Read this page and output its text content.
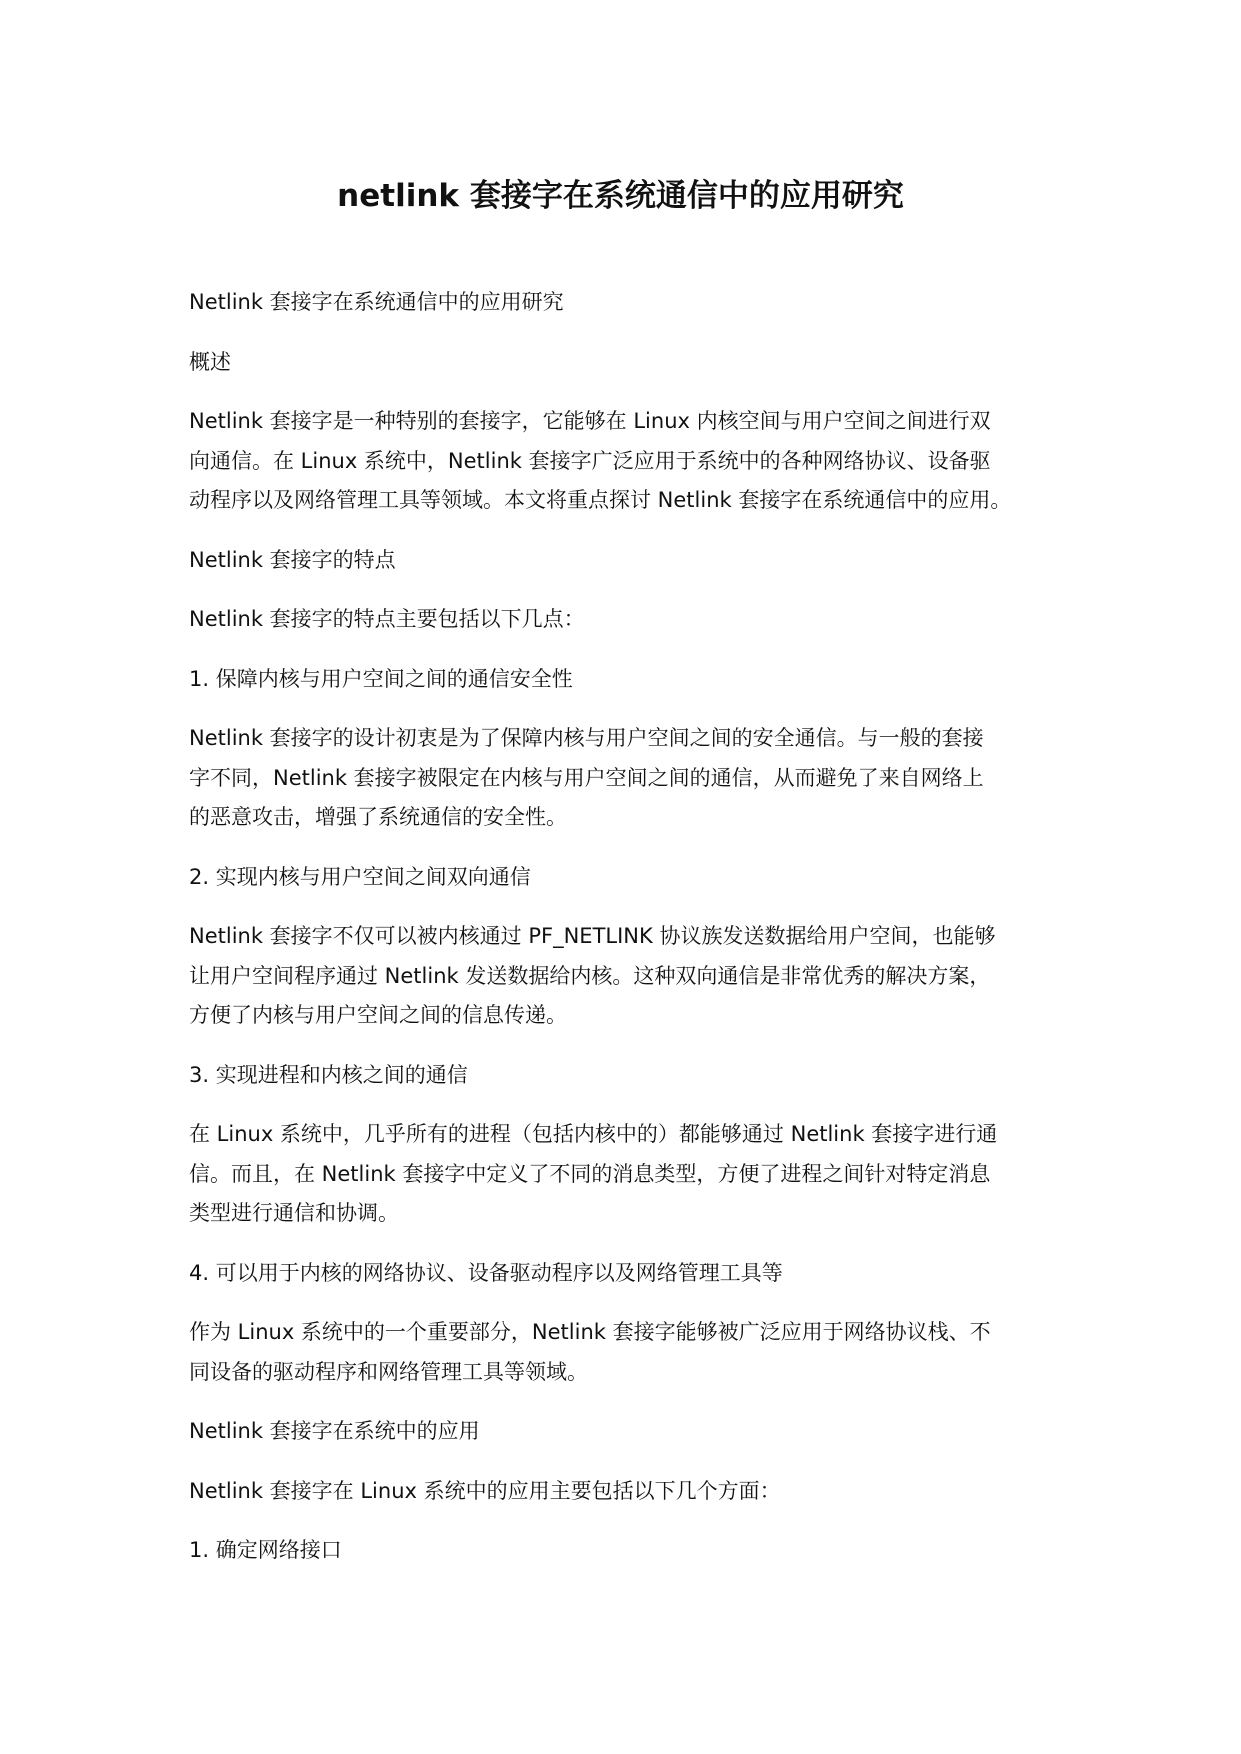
netlink 套接字在系统通信中的应用研究

Netlink 套接字在系统通信中的应用研究

概述

Netlink 套接字是一种特别的套接字，它能够在 Linux 内核空间与用户空间之间进行双
向通信。在 Linux 系统中，Netlink 套接字广泛应用于系统中的各种网络协议、设备驱
动程序以及网络管理工具等领域。本文将重点探讨 Netlink 套接字在系统通信中的应用。

Netlink 套接字的特点

Netlink 套接字的特点主要包括以下几点：

1. 保障内核与用户空间之间的通信安全性

Netlink 套接字的设计初衷是为了保障内核与用户空间之间的安全通信。与一般的套接
字不同，Netlink 套接字被限定在内核与用户空间之间的通信，从而避免了来自网络上
的恶意攻击，增强了系统通信的安全性。

2. 实现内核与用户空间之间双向通信

Netlink 套接字不仅可以被内核通过 PF_NETLINK 协议族发送数据给用户空间，也能够
让用户空间程序通过 Netlink 发送数据给内核。这种双向通信是非常优秀的解决方案，
方便了内核与用户空间之间的信息传递。

3. 实现进程和内核之间的通信

在 Linux 系统中，几乎所有的进程（包括内核中的）都能够通过 Netlink 套接字进行通
信。而且，在 Netlink 套接字中定义了不同的消息类型，方便了进程之间针对特定消息
类型进行通信和协调。

4. 可以用于内核的网络协议、设备驱动程序以及网络管理工具等

作为 Linux 系统中的一个重要部分，Netlink 套接字能够被广泛应用于网络协议栈、不
同设备的驱动程序和网络管理工具等领域。

Netlink 套接字在系统中的应用

Netlink 套接字在 Linux 系统中的应用主要包括以下几个方面：

1. 确定网络接口
